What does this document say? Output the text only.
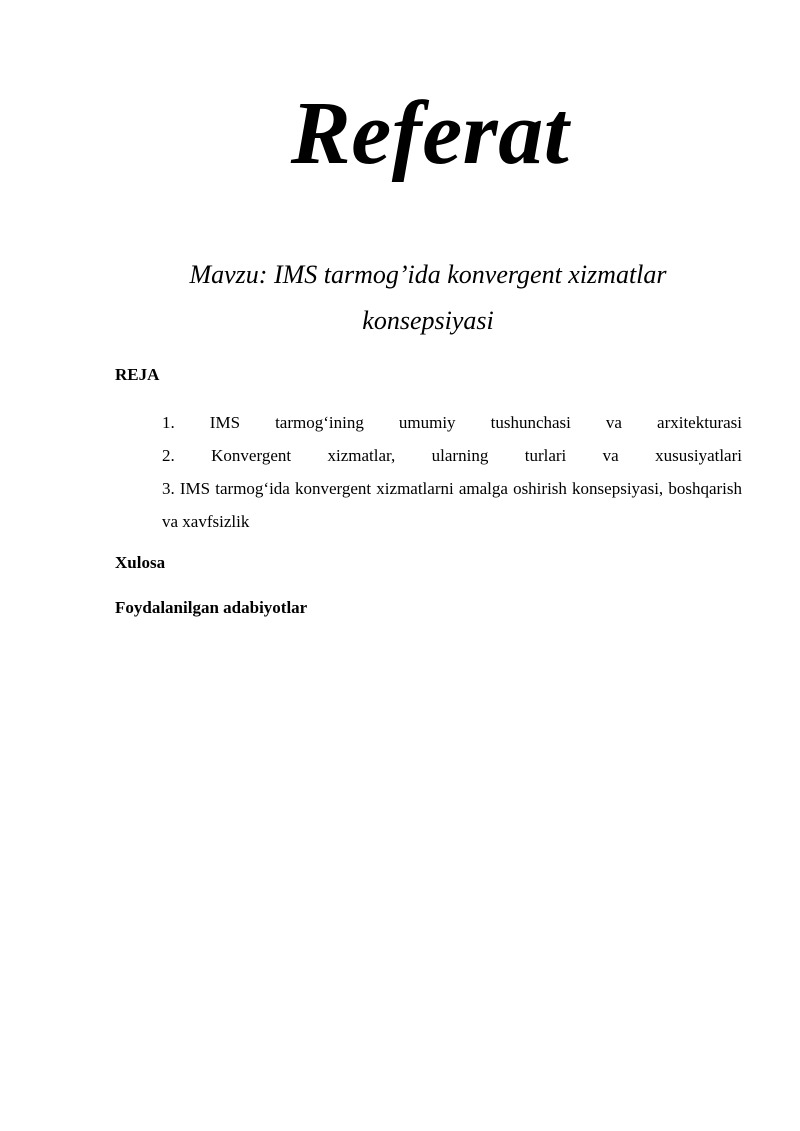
Referat
Mavzu: IMS tarmog’ida konvergent xizmatlar konsepsiyasi
REJA
1. IMS tarmog‘ining umumiy tushunchasi va arxitekturasi
2. Konvergent xizmatlar, ularning turlari va xususiyatlari
3. IMS tarmog‘ida konvergent xizmatlarni amalga oshirish konsepsiyasi, boshqarish va xavfsizlik
Xulosa
Foydalanilgan adabiyotlar
